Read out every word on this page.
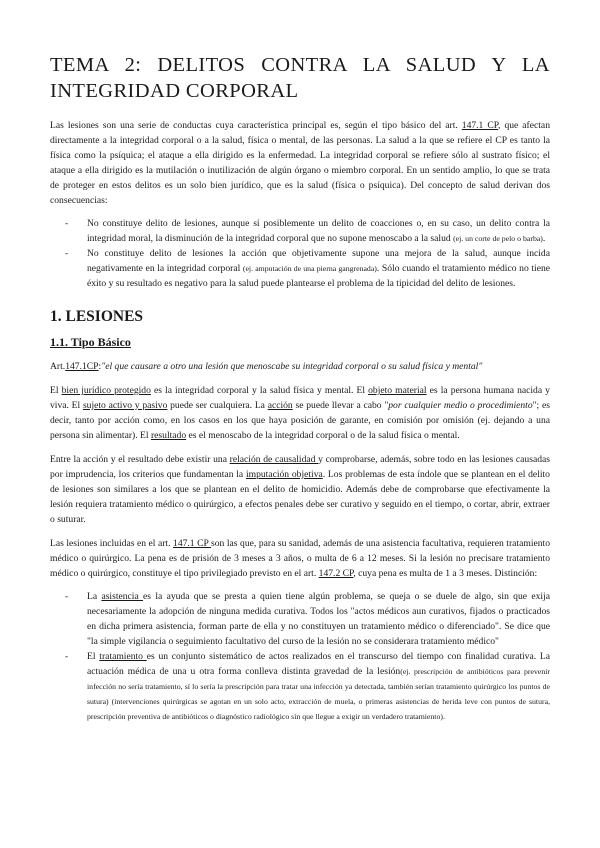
TEMA 2: DELITOS CONTRA LA SALUD Y LA INTEGRIDAD CORPORAL

Las lesiones son una serie de conductas cuya característica principal es, según el tipo básico del art. 147.1 CP, que afectan directamente a la integridad corporal o a la salud, física o mental, de las personas. La salud a la que se refiere el CP es tanto la física como la psíquica; el ataque a ella dirigido es la enfermedad. La integridad corporal se refiere sólo al sustrato físico; el ataque a ella dirigido es la mutilación o inutilización de algún órgano o miembro corporal. En un sentido amplio, lo que se trata de proteger en estos delitos es un solo bien jurídico, que es la salud (física o psíquica). Del concepto de salud derivan dos consecuencias:

- No constituye delito de lesiones, aunque sí posiblemente un delito de coacciones o, en su caso, un delito contra la integridad moral, la disminución de la integridad corporal que no supone menoscabo a la salud (ej. un corte de pelo o barba).
- No constituye delito de lesiones la acción que objetivamente supone una mejora de la salud, aunque incida negativamente en la integridad corporal (ej. amputación de una pierna gangrenada). Sólo cuando el tratamiento médico no tiene éxito y su resultado es negativo para la salud puede plantearse el problema de la tipicidad del delito de lesiones.
1. LESIONES
1.1. Tipo Básico

Art.147.1CP:"el que causare a otro una lesión que menoscabe su integridad corporal o su salud física y mental"

El bien jurídico protegido es la integridad corporal y la salud física y mental. El objeto material es la persona humana nacida y viva. El sujeto activo y pasivo puede ser cualquiera. La acción se puede llevar a cabo "por cualquier medio o procedimiento"; es decir, tanto por acción como, en los casos en los que haya posición de garante, en comisión por omisión (ej. dejando a una persona sin alimentar). El resultado es el menoscabo de la integridad corporal o de la salud física o mental.

Entre la acción y el resultado debe existir una relación de causalidad y comprobarse, además, sobre todo en las lesiones causadas por imprudencia, los criterios que fundamentan la imputación objetiva. Los problemas de esta índole que se plantean en el delito de lesiones son similares a los que se plantean en el delito de homicidio. Además debe de comprobarse que efectivamente la lesión requiera tratamiento médico o quirúrgico, a efectos penales debe ser curativo y seguido en el tiempo, o cortar, abrir, extraer o suturar.

Las lesiones incluidas en el art. 147.1 CP son las que, para su sanidad, además de una asistencia facultativa, requieren tratamiento médico o quirúrgico. La pena es de prisión de 3 meses a 3 años, o multa de 6 a 12 meses. Si la lesión no precisare tratamiento médico o quirúrgico, constituye el tipo privilegiado previsto en el art. 147.2 CP, cuya pena es multa de 1 a 3 meses. Distinción:

- La asistencia es la ayuda que se presta a quien tiene algún problema, se queja o se duele de algo, sin que exija necesariamente la adopción de ninguna medida curativa. Todos los "actos médicos aun curativos, fijados o practicados en dicha primera asistencia, forman parte de ella y no constituyen un tratamiento médico o diferenciado". Se dice que "la simple vigilancia o seguimiento facultativo del curso de la lesión no se considerara tratamiento médico"
- El tratamiento es un conjunto sistemático de actos realizados en el transcurso del tiempo con finalidad curativa. La actuación médica de una u otra forma conlleva distinta gravedad de la lesión(ej. prescripción de antibióticos para prevenir infección no sería tratamiento, sí lo sería la prescripción para tratar una infección ya detectada, también serían tratamiento quirúrgico los puntos de sutura) (intervenciones quirúrgicas se agotan en un solo acto, extracción de muela, o primeras asistencias de herida leve con puntos de sutura, prescripción preventiva de antibióticos o diagnóstico radiológico sin que llegue a exigir un verdadero tratamiento).
